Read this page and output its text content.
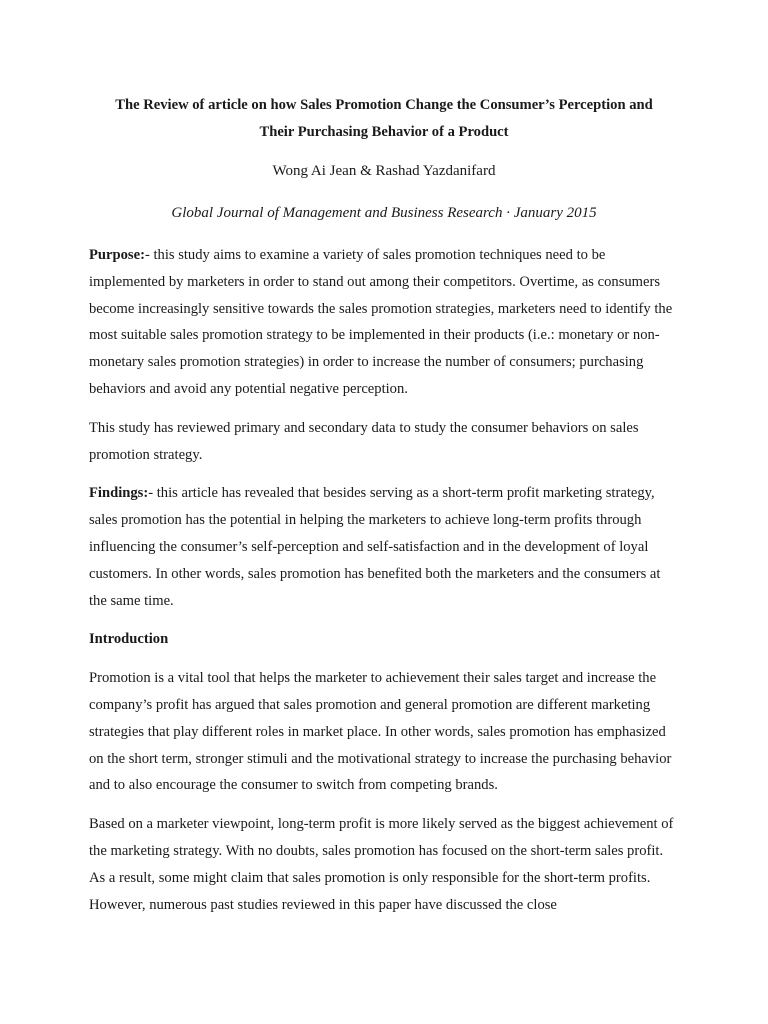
The Review of article on how Sales Promotion Change the Consumer’s Perception and
Their Purchasing Behavior of a Product

Wong Ai Jean & Rashad Yazdanifard

Global Journal of Management and Business Research · January 2015

Purpose:- this study aims to examine a variety of sales promotion techniques need to be implemented by marketers in order to stand out among their competitors. Overtime, as consumers become increasingly sensitive towards the sales promotion strategies, marketers need to identify the most suitable sales promotion strategy to be implemented in their products (i.e.: monetary or non-monetary sales promotion strategies) in order to increase the number of consumers; purchasing behaviors and avoid any potential negative perception.

This study has reviewed primary and secondary data to study the consumer behaviors on sales promotion strategy.

Findings:- this article has revealed that besides serving as a short-term profit marketing strategy, sales promotion has the potential in helping the marketers to achieve long-term profits through influencing the consumer’s self-perception and self-satisfaction and in the development of loyal customers. In other words, sales promotion has benefited both the marketers and the consumers at the same time.

Introduction

Promotion is a vital tool that helps the marketer to achievement their sales target and increase the company’s profit has argued that sales promotion and general promotion are different marketing strategies that play different roles in market place. In other words, sales promotion has emphasized on the short term, stronger stimuli and the motivational strategy to increase the purchasing behavior and to also encourage the consumer to switch from competing brands.

Based on a marketer viewpoint, long-term profit is more likely served as the biggest achievement of the marketing strategy. With no doubts, sales promotion has focused on the short-term sales profit. As a result, some might claim that sales promotion is only responsible for the short-term profits. However, numerous past studies reviewed in this paper have discussed the close
